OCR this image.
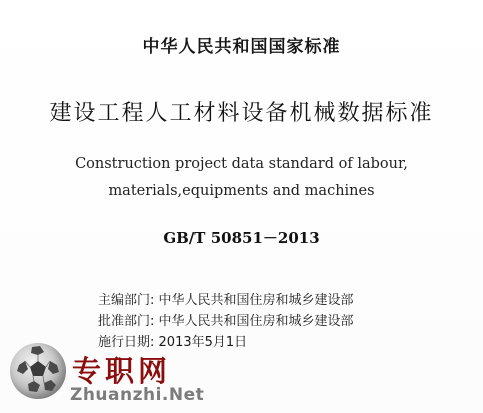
中华人民共和国国家标准
建设工程人工材料设备机械数据标准
Construction project data standard of labour,
materials,equipments and machines
GB/T 50851－2013
主编部门: 中华人民共和国住房和城乡建设部
批准部门: 中华人民共和国住房和城乡建设部
施行日期: 2013年5月1日
专职网
Zhuanzhi.Net
